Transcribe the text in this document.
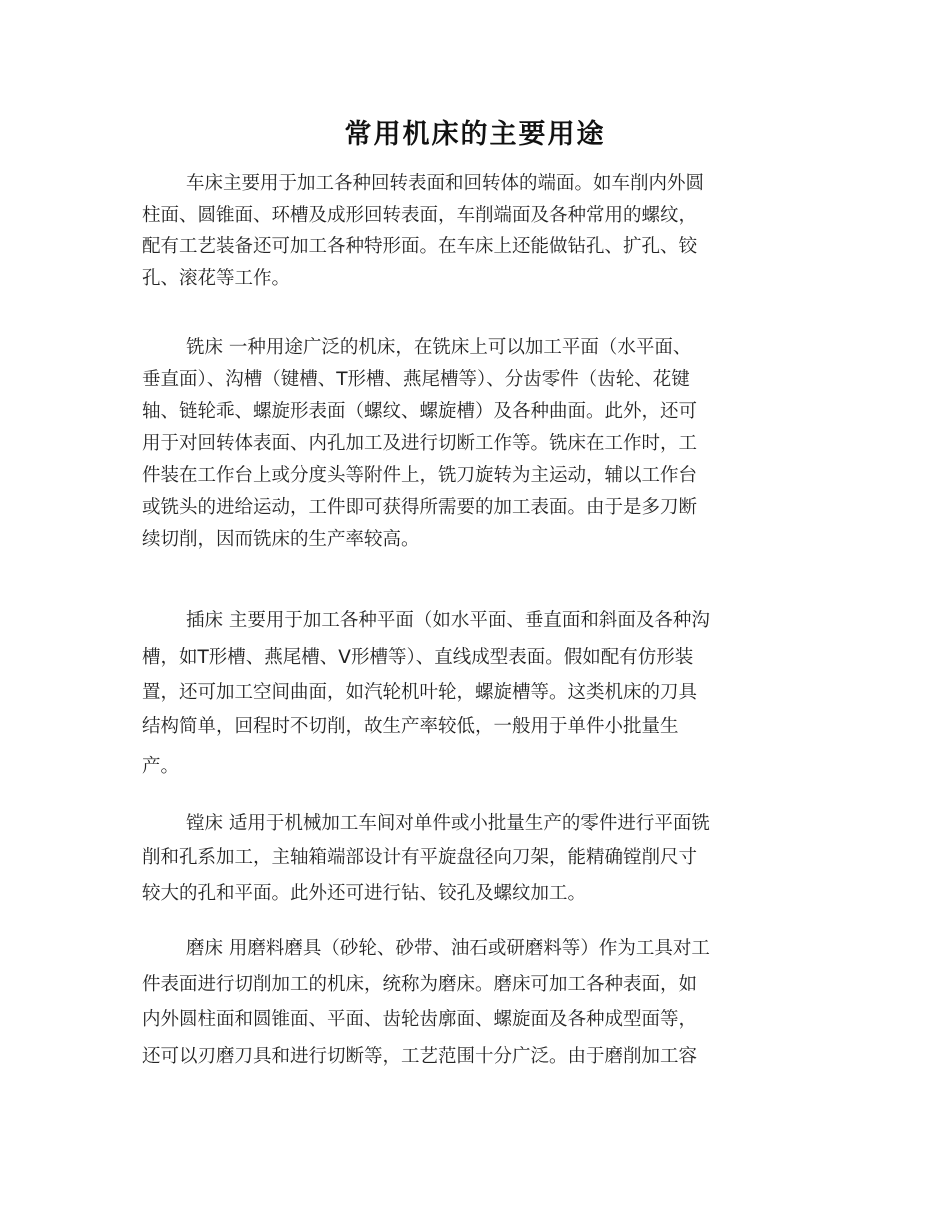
常用机床的主要用途

车床主要用于加工各种回转表面和回转体的端面。如车削内外圆

柱面、圆锥面、环槽及成形回转表面，车削端面及各种常用的螺纹，

配有工艺装备还可加工各种特形面。在车床上还能做钻孔、扩孔、铰

孔、滚花等工作。

铣床 一种用途广泛的机床，在铣床上可以加工平面（水平面、

垂直面）、沟槽（键槽、T形槽、燕尾槽等）、分齿零件（齿轮、花键

轴、链轮乖、螺旋形表面（螺纹、螺旋槽）及各种曲面。此外，还可

用于对回转体表面、内孔加工及进行切断工作等。铣床在工作时，工

件装在工作台上或分度头等附件上，铣刀旋转为主运动，辅以工作台

或铣头的进给运动，工件即可获得所需要的加工表面。由于是多刀断

续切削，因而铣床的生产率较高。

插床 主要用于加工各种平面（如水平面、垂直面和斜面及各种沟

槽，如T形槽、燕尾槽、V形槽等）、直线成型表面。假如配有仿形装

置，还可加工空间曲面，如汽轮机叶轮，螺旋槽等。这类机床的刀具

结构简单，回程时不切削，故生产率较低，一般用于单件小批量生

产。

镗床 适用于机械加工车间对单件或小批量生产的零件进行平面铣

削和孔系加工，主轴箱端部设计有平旋盘径向刀架，能精确镗削尺寸

较大的孔和平面。此外还可进行钻、铰孔及螺纹加工。

磨床 用磨料磨具（砂轮、砂带、油石或研磨料等）作为工具对工

件表面进行切削加工的机床，统称为磨床。磨床可加工各种表面，如

内外圆柱面和圆锥面、平面、齿轮齿廓面、螺旋面及各种成型面等，

还可以刃磨刀具和进行切断等，工艺范围十分广泛。由于磨削加工容
